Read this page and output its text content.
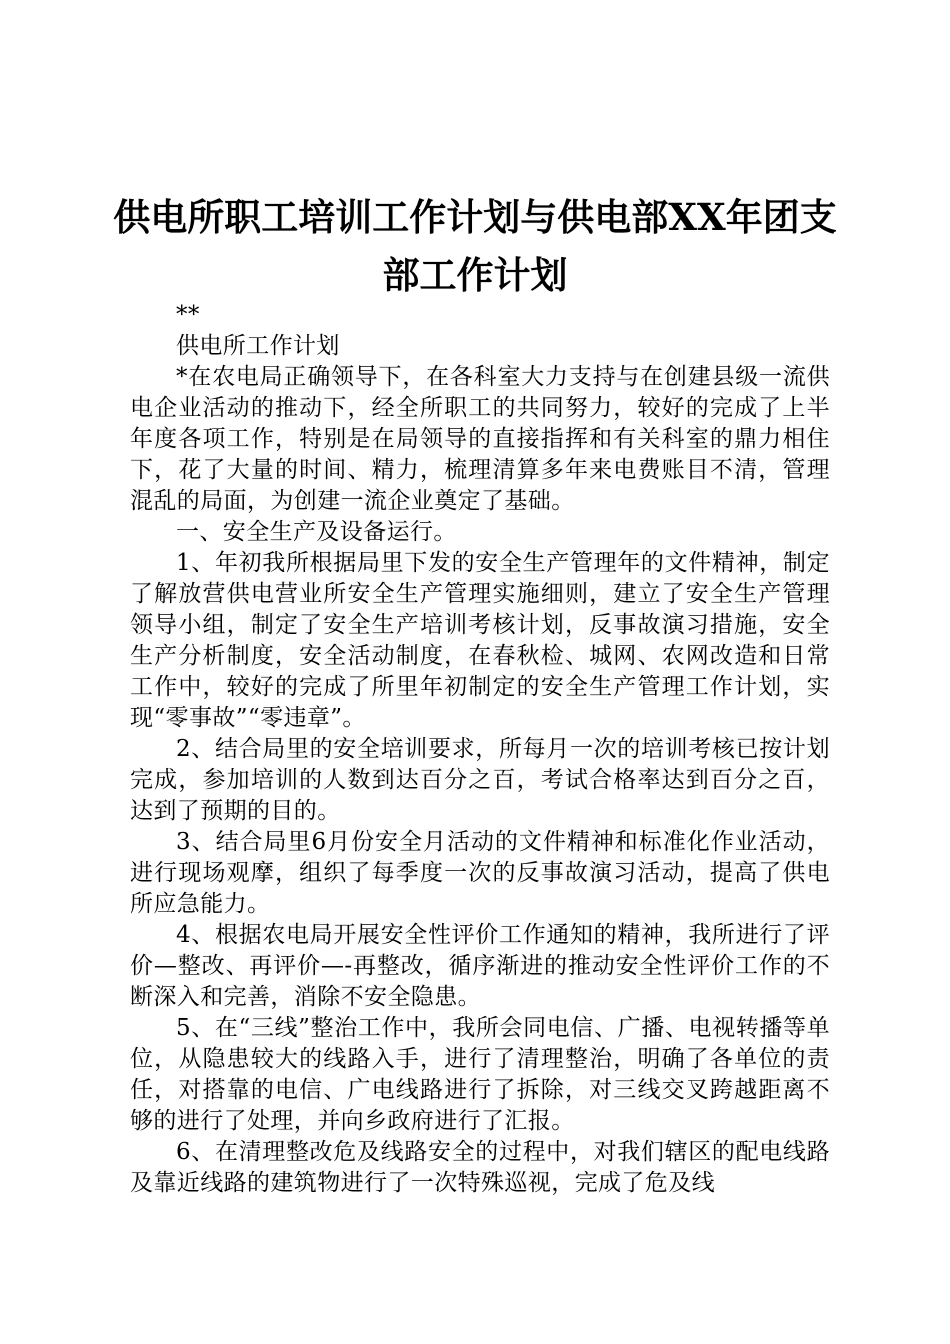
供电所职工培训工作计划与供电部XX年团支部工作计划

**

供电所工作计划

*在农电局正确领导下，在各科室大力支持与在创建县级一流供电企业活动的推动下，经全所职工的共同努力，较好的完成了上半年度各项工作，特别是在局领导的直接指挥和有关科室的鼎力相住下，花了大量的时间、精力，梳理清算多年来电费账目不清，管理混乱的局面，为创建一流企业奠定了基础。

一、安全生产及设备运行。

1、年初我所根据局里下发的安全生产管理年的文件精神，制定了解放营供电营业所安全生产管理实施细则，建立了安全生产管理领导小组，制定了安全生产培训考核计划，反事故演习措施，安全生产分析制度，安全活动制度，在春秋检、城网、农网改造和日常工作中，较好的完成了所里年初制定的安全生产管理工作计划，实现“零事故”“零违章”。

2、结合局里的安全培训要求，所每月一次的培训考核已按计划完成，参加培训的人数到达百分之百，考试合格率达到百分之百，达到了预期的目的。

3、结合局里6月份安全月活动的文件精神和标准化作业活动，进行现场观摩，组织了每季度一次的反事故演习活动，提高了供电所应急能力。

4、根据农电局开展安全性评价工作通知的精神，我所进行了评价—整改、再评价—-再整改，循序渐进的推动安全性评价工作的不断深入和完善，消除不安全隐患。

5、在“三线”整治工作中，我所会同电信、广播、电视转播等单位，从隐患较大的线路入手，进行了清理整治，明确了各单位的责任，对搭靠的电信、广电线路进行了拆除，对三线交叉跨越距离不够的进行了处理，并向乡政府进行了汇报。

6、在清理整改危及线路安全的过程中，对我们辖区的配电线路及靠近线路的建筑物进行了一次特殊巡视，完成了危及线
